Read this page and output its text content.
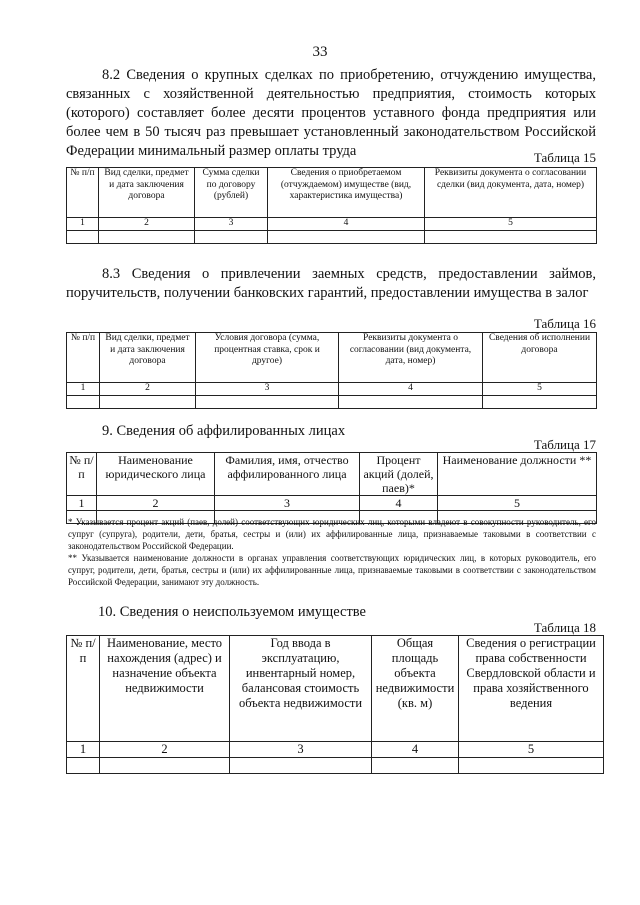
33

8.2 Сведения о крупных сделках по приобретению, отчуждению имущества, связанных с хозяйственной деятельностью предприятия, стоимость которых (которого) составляет более десяти процентов уставного фонда предприятия или более чем в 50 тысяч раз превышает установленный законодательством Российской Федерации минимальный размер оплаты труда	Таблица 15
№ п/п	Вид сделки, предмет и дата заключения договора	Сумма сделки по договору (рублей)	Сведения о приобретаемом (отчуждаемом) имуществе (вид, характеристика имущества)	Реквизиты документа о согласовании сделки (вид документа, дата, номер)
1	2	3	4	5

8.3 Сведения о привлечении заемных средств, предоставлении займов, поручительств, получении банковских гарантий, предоставлении имущества в залог

Таблица 16
№ п/п	Вид сделки, предмет и дата заключения договора	Условия договора (сумма, процентная ставка, срок и другое)	Реквизиты документа о согласовании (вид документа, дата, номер)	Сведения об исполнении договора
1	2	3	4	5

9. Сведения об аффилированных лицах

Таблица 17
№ п/п	Наименование юридического лица	Фамилия, имя, отчество аффилированного лица	Процент акций (долей, паев)*	Наименование должности **
1	2	3	4	5

* Указывается процент акций (паев, долей) соответствующих юридических лиц, которыми владеют в совокупности руководитель, его супруг (супруга), родители, дети, братья, сестры и (или) их аффилированные лица, признаваемые таковыми в соответствии с законодательством Российской Федерации.

** Указывается наименование должности в органах управления соответствующих юридических лиц, в которых руководитель, его супруг, родители, дети, братья, сестры и (или) их аффилированные лица, признаваемые таковыми в соответствии с законодательством Российской Федерации, занимают эту должность.

10. Сведения о неиспользуемом имуществе

Таблица 18
№ п/п	Наименование, место нахождения (адрес) и назначение объекта недвижимости	Год ввода в эксплуатацию, инвентарный номер, балансовая стоимость объекта недвижимости	Общая площадь объекта недвижимости (кв. м)	Сведения о регистрации права собственности Свердловской области и права хозяйственного ведения
1	2	3	4	5
